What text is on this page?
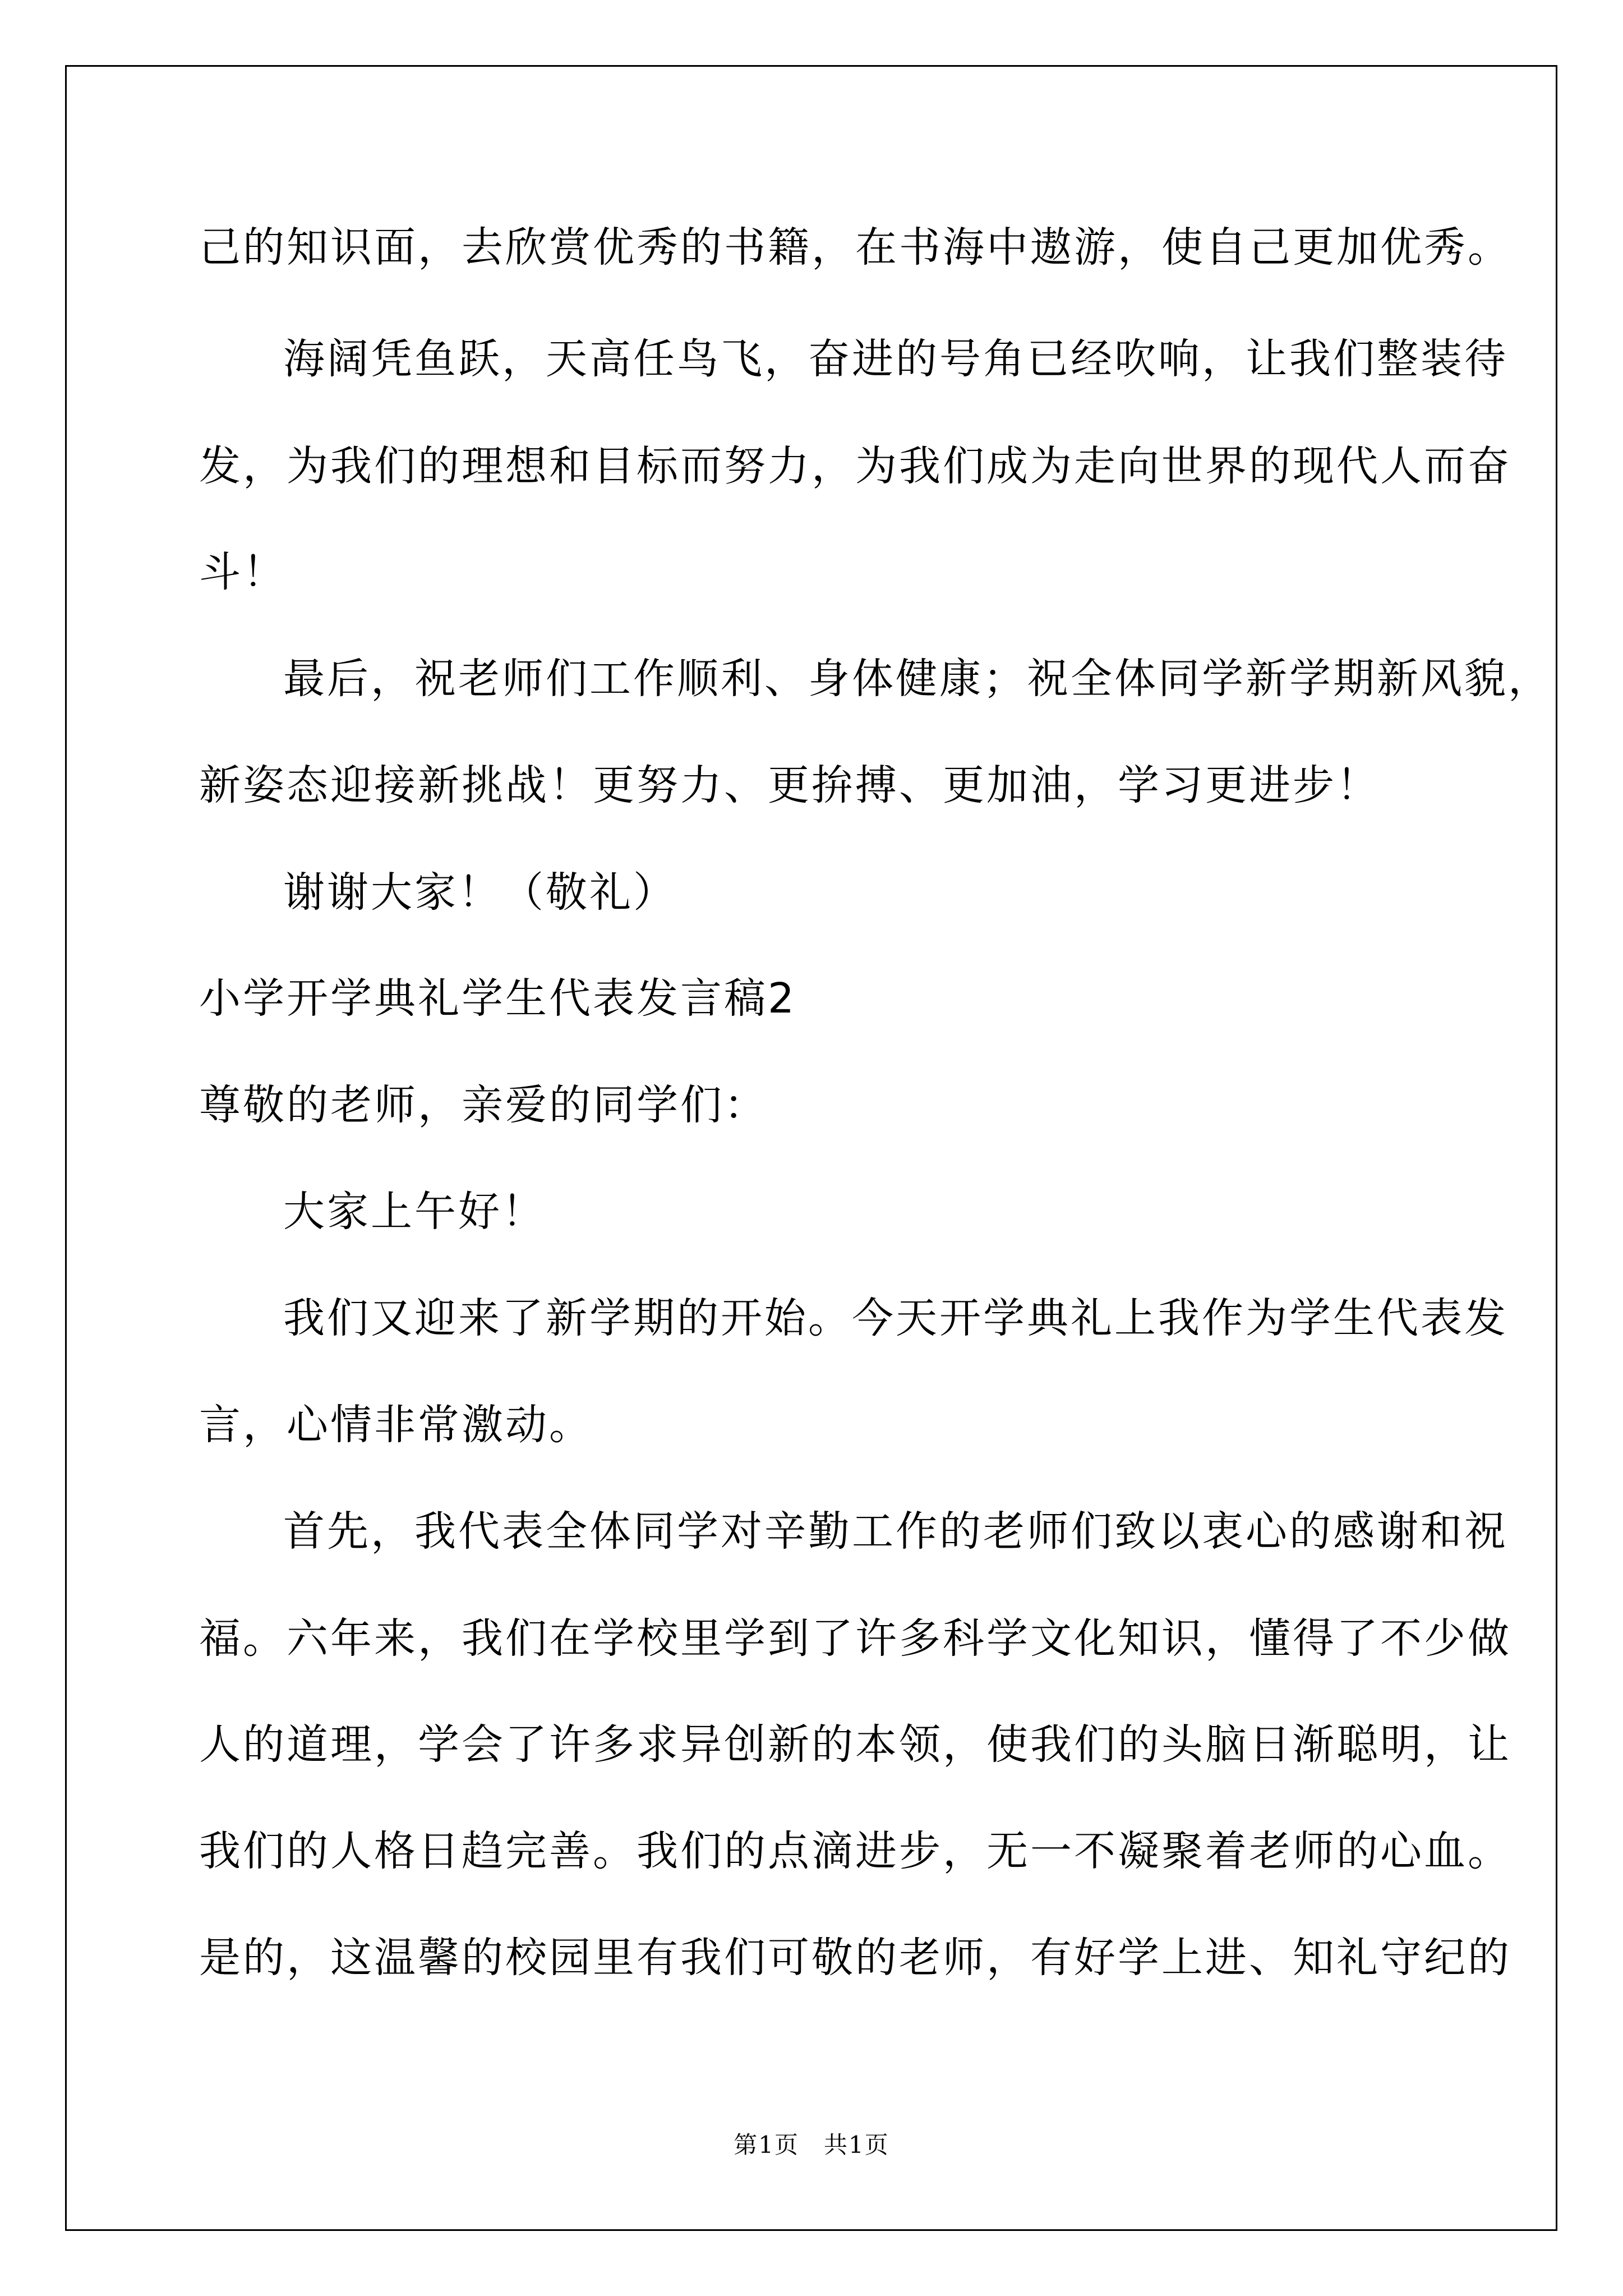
己的知识面，去欣赏优秀的书籍，在书海中遨游，使自己更加优秀。
海阔凭鱼跃，天高任鸟飞，奋进的号角已经吹响，让我们整装待
发，为我们的理想和目标而努力，为我们成为走向世界的现代人而奋
斗！
最后，祝老师们工作顺利、身体健康；祝全体同学新学期新风貌，
新姿态迎接新挑战！更努力、更拚搏、更加油，学习更进步！
谢谢大家！（敬礼）
小学开学典礼学生代表发言稿2
尊敬的老师，亲爱的同学们：
大家上午好！
我们又迎来了新学期的开始。今天开学典礼上我作为学生代表发
言，心情非常激动。
首先，我代表全体同学对辛勤工作的老师们致以衷心的感谢和祝
福。六年来，我们在学校里学到了许多科学文化知识，懂得了不少做
人的道理，学会了许多求异创新的本领，使我们的头脑日渐聪明，让
我们的人格日趋完善。我们的点滴进步，无一不凝聚着老师的心血。
是的，这温馨的校园里有我们可敬的老师，有好学上进、知礼守纪的
第1页　共1页
